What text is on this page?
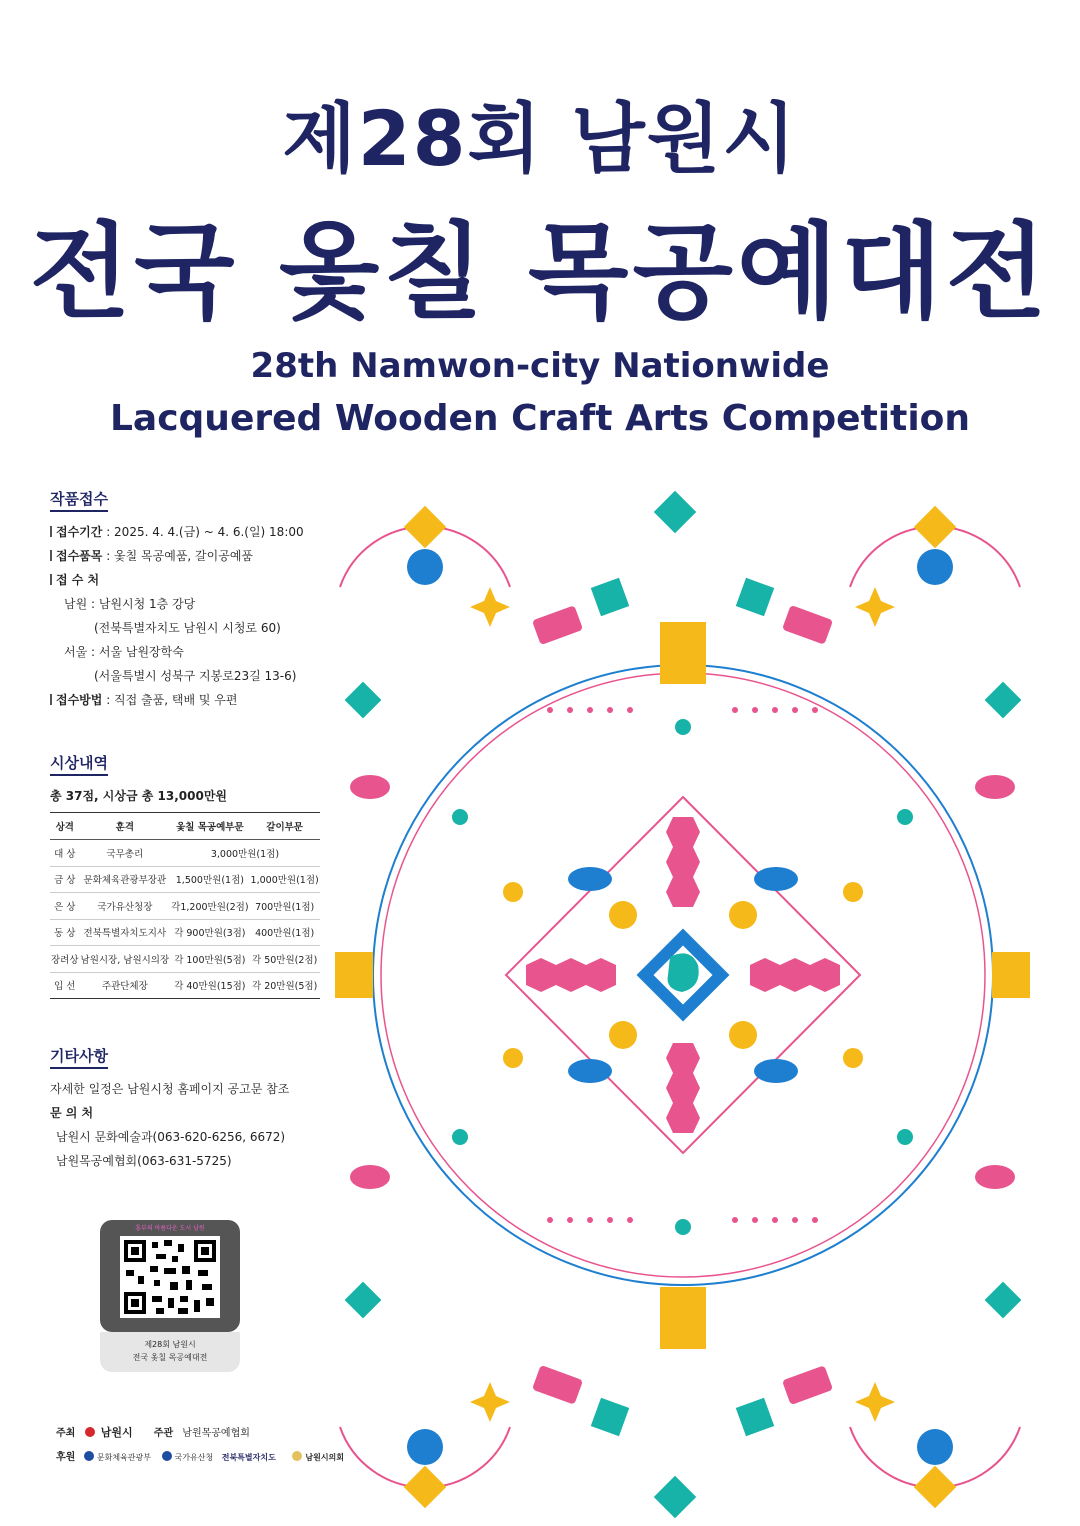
제28회 남원시
전국 옻칠 목공예대전
28th Namwon-city Nationwide
Lacquered Wooden Craft Arts Competition
작품접수
접수기간 : 2025. 4. 4.(금) ~ 4. 6.(일) 18:00
접수품목 : 옻칠 목공예품, 갈이공예품
접 수 처
남원 : 남원시청 1층 강당
(전북특별자치도 남원시 시청로 60)
서울 : 서울 남원장학숙
(서울특별시 성북구 지봉로23길 13-6)
접수방법 : 직접 출품, 택배 및 우편
시상내역
총 37점, 시상금 총 13,000만원
상격	훈격	옻칠 목공예부문	갈이부문
대 상	국무총리	3,000만원(1점)	
금 상	문화체육관광부장관	1,500만원(1점)	1,000만원(1점)
은 상	국가유산청장	각1,200만원(2점)	700만원(1점)
동 상	전북특별자치도지사	각 900만원(3점)	400만원(1점)
장려상	남원시장, 남원시의장	각 100만원(5점)	각 50만원(2점)
입 선	주관단체장	각 40만원(15점)	각 20만원(5점)
기타사항
자세한 일정은 남원시청 홈페이지 공고문 참조
문 의 처
남원시 문화예술과(063-620-6256, 6672)
남원목공예협회(063-631-5725)
흥부의 아름다운 도시 남원
제28회 남원시
전국 옻칠 목공예대전
주최 남원시 주관 남원목공예협회
후원	문화체육관광부	국가유산청 전북특별자치도	남원시의회
